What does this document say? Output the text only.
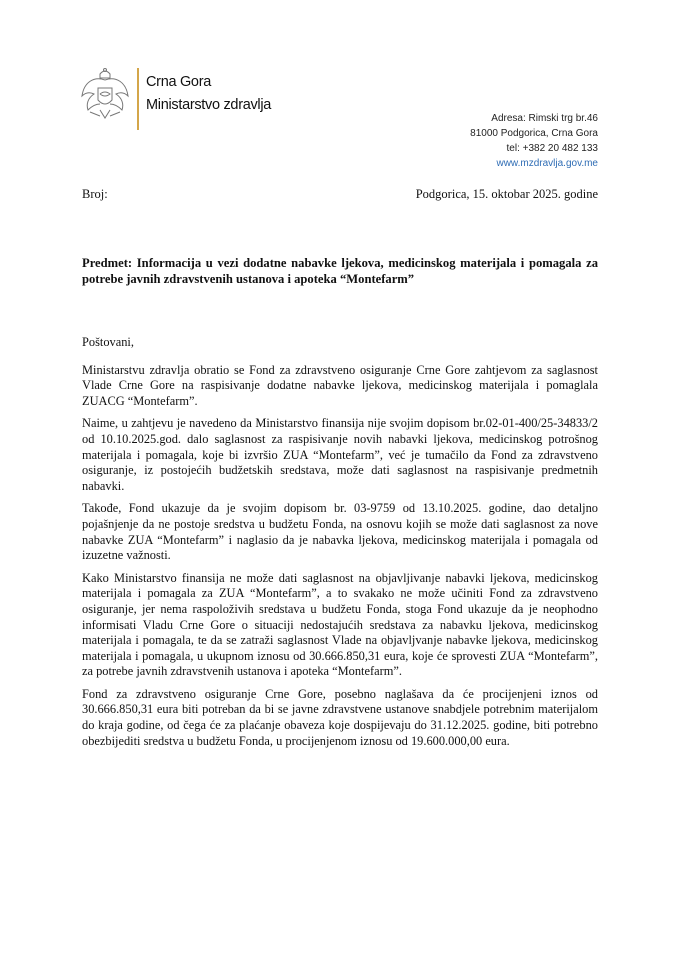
Crna Gora
Ministarstvo zdravlja
Adresa: Rimski trg br.46
81000 Podgorica, Crna Gora
tel: +382 20 482 133
www.mzdravlja.gov.me
Broj:	Podgorica, 15. oktobar 2025. godine
Predmet: Informacija u vezi dodatne nabavke ljekova, medicinskog materijala i pomagala za potrebe javnih zdravstvenih ustanova i apoteka “Montefarm”
Poštovani,
Ministarstvu zdravlja obratio se Fond za zdravstveno osiguranje Crne Gore zahtjevom za saglasnost Vlade Crne Gore na raspisivanje dodatne nabavke ljekova, medicinskog materijala i pomaglala ZUACG “Montefarm”.
Naime, u zahtjevu je navedeno da Ministarstvo finansija nije svojim dopisom br.02-01-400/25-34833/2 od 10.10.2025.god. dalo saglasnost za raspisivanje novih nabavki ljekova, medicinskog potrošnog materijala i pomagala, koje bi izvršio ZUA “Montefarm”, već je tumačilo da Fond za zdravstveno osiguranje, iz postojećih budžetskih sredstava, može dati saglasnost na raspisivanje predmetnih nabavki.
Takođe, Fond ukazuje da je svojim dopisom br. 03-9759 od 13.10.2025. godine, dao detaljno pojašnjenje da ne postoje sredstva u budžetu Fonda, na osnovu kojih se može dati saglasnost za nove nabavke ZUA “Montefarm” i naglasio da je nabavka ljekova, medicinskog materijala i pomagala od izuzetne važnosti.
Kako Ministarstvo finansija ne može dati saglasnost na objavljivanje nabavki ljekova, medicinskog materijala i pomagala za ZUA “Montefarm”, a to svakako ne može učiniti Fond za zdravstveno osiguranje, jer nema raspoloživih sredstava u budžetu Fonda, stoga Fond ukazuje da je neophodno informisati Vladu Crne Gore o situaciji nedostajućih sredstava za nabavku ljekova, medicinskog materijala i pomagala, te da se zatraži saglasnost Vlade na objavljvanje nabavke ljekova, medicinskog materijala i pomagala, u ukupnom iznosu od 30.666.850,31 eura, koje će sprovesti ZUA “Montefarm”, za potrebe javnih zdravstvenih ustanova i apoteka “Montefarm”.
Fond za zdravstveno osiguranje Crne Gore, posebno naglašava da će procijenjeni iznos od 30.666.850,31 eura biti potreban da bi se javne zdravstvene ustanove snabdjele potrebnim materijalom do kraja godine, od čega će za plaćanje obaveza koje dospijevaju do 31.12.2025. godine, biti potrebno obezbijediti sredstva u budžetu Fonda, u procijenjenom iznosu od 19.600.000,00 eura.
